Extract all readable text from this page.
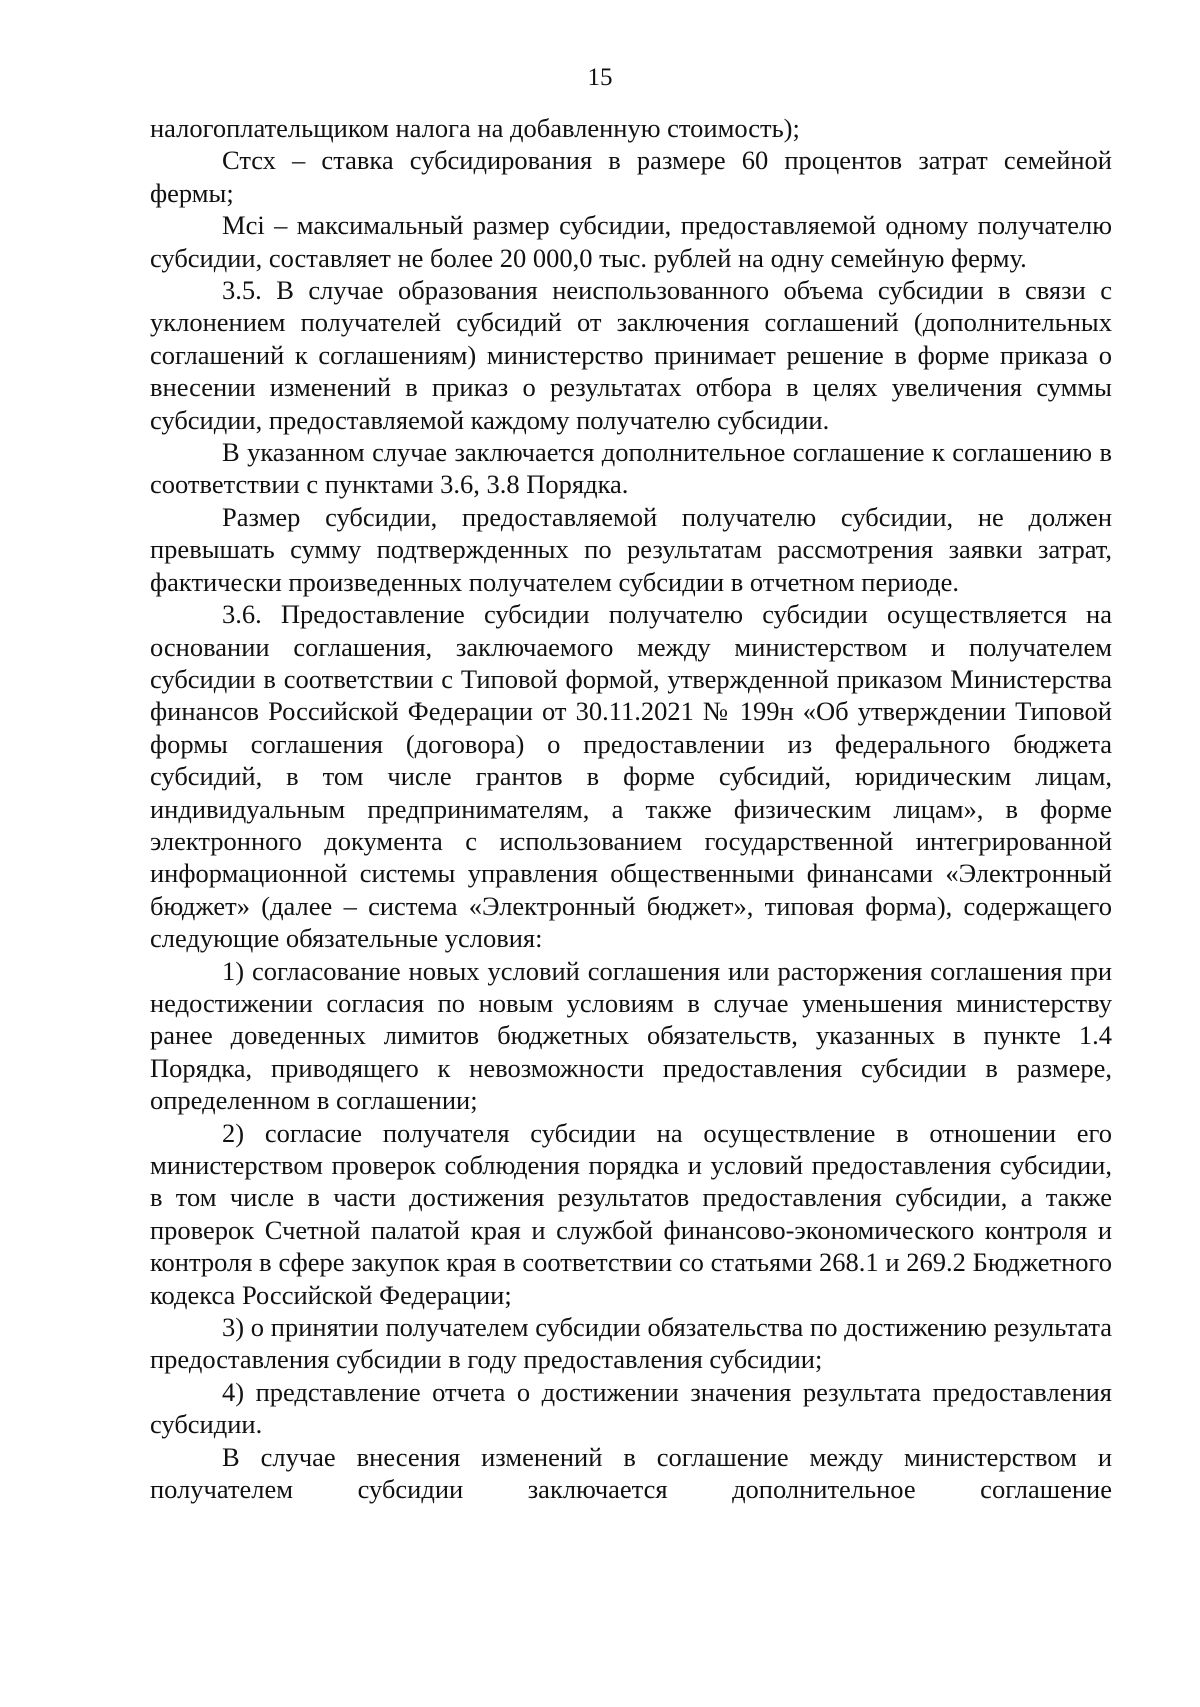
15

налогоплательщиком налога на добавленную стоимость);

Стсх – ставка субсидирования в размере 60 процентов затрат семейной фермы;

Mci – максимальный размер субсидии, предоставляемой одному получателю субсидии, составляет не более 20 000,0 тыс. рублей на одну семейную ферму.

3.5. В случае образования неиспользованного объема субсидии в связи с уклонением получателей субсидий от заключения соглашений (дополнительных соглашений к соглашениям) министерство принимает решение в форме приказа о внесении изменений в приказ о результатах отбора в целях увеличения суммы субсидии, предоставляемой каждому получателю субсидии.

В указанном случае заключается дополнительное соглашение к соглашению в соответствии с пунктами 3.6, 3.8 Порядка.

Размер субсидии, предоставляемой получателю субсидии, не должен превышать сумму подтвержденных по результатам рассмотрения заявки затрат, фактически произведенных получателем субсидии в отчетном периоде.

3.6. Предоставление субсидии получателю субсидии осуществляется на основании соглашения, заключаемого между министерством и получателем субсидии в соответствии с Типовой формой, утвержденной приказом Министерства финансов Российской Федерации от 30.11.2021 № 199н «Об утверждении Типовой формы соглашения (договора) о предоставлении из федерального бюджета субсидий, в том числе грантов в форме субсидий, юридическим лицам, индивидуальным предпринимателям, а также физическим лицам», в форме электронного документа с использованием государственной интегрированной информационной системы управления общественными финансами «Электронный бюджет» (далее – система «Электронный бюджет», типовая форма), содержащего следующие обязательные условия:

1) согласование новых условий соглашения или расторжения соглашения при недостижении согласия по новым условиям в случае уменьшения министерству ранее доведенных лимитов бюджетных обязательств, указанных в пункте 1.4 Порядка, приводящего к невозможности предоставления субсидии в размере, определенном в соглашении;

2) согласие получателя субсидии на осуществление в отношении его министерством проверок соблюдения порядка и условий предоставления субсидии, в том числе в части достижения результатов предоставления субсидии, а также проверок Счетной палатой края и службой финансово-экономического контроля и контроля в сфере закупок края в соответствии со статьями 268.1 и 269.2 Бюджетного кодекса Российской Федерации;

3) о принятии получателем субсидии обязательства по достижению результата предоставления субсидии в году предоставления субсидии;

4) представление отчета о достижении значения результата предоставления субсидии.

В случае внесения изменений в соглашение между министерством и получателем субсидии заключается дополнительное соглашение
